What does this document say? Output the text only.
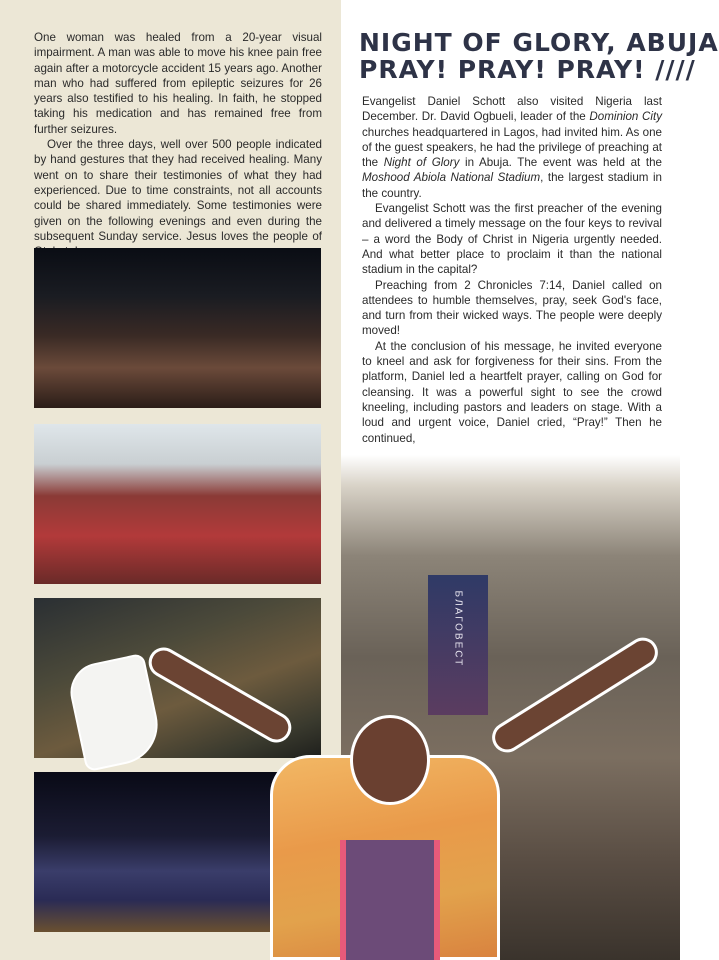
One woman was healed from a 20-year visual impairment. A man was able to move his knee pain free again after a motorcycle accident 15 years ago. Another man who had suffered from epileptic seizures for 26 years also testified to his healing. In faith, he stopped taking his medication and has remained free from further seizures.

Over the three days, well over 500 people indicated by hand gestures that they had received healing. Many went on to share their testimonies of what they had experienced. Due to time constraints, not all accounts could be shared immediately. Some testimonies were given on the following evenings and even during the subsequent Sunday service. Jesus loves the people of

NIGHT OF GLORY, ABUJA
PRAY! PRAY! PRAY! ////

Evangelist Daniel Schott also visited Nigeria last December. Dr. David Ogbueli, leader of the Dominion City churches headquartered in Lagos, had invited him. As one of the guest speakers, he had the privilege of preaching at the Night of Glory in Abuja. The event was held at the Moshood Abiola National Stadium, the largest stadium in the country.

Evangelist Schott was the first preacher of the evening and delivered a timely message on the four keys to revival – a word the Body of Christ in Nigeria urgently needed. And what better place to proclaim it than the national stadium in the capital?

Preaching from 2 Chronicles 7:14, Daniel called on attendees to humble themselves, pray, seek God's face, and turn from their wicked ways. The people were deeply moved!

At the conclusion of his message, he invited everyone to kneel and ask for forgiveness for their sins. From the platform, Daniel led a heartfelt prayer, calling on God for cleansing. It was a powerful sight to see the crowd kneeling, including pastors and leaders on stage. With a loud and urgent voice, Daniel cried, “Pray!” Then he continued,

БЛАГОВЕСТ
